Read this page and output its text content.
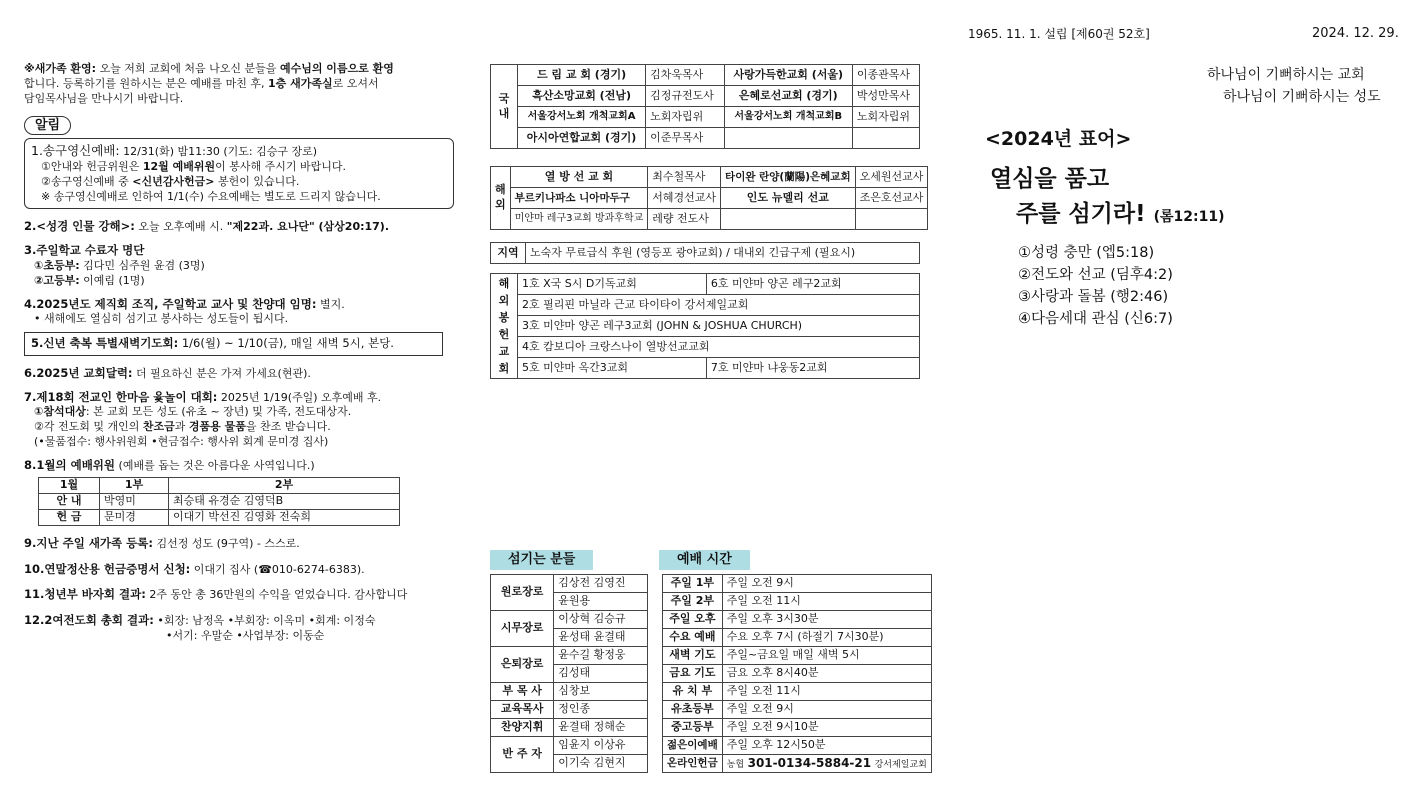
1965. 11. 1. 설립 [제60권 52호]	2024. 12. 29.
※새가족 환영: 오늘 저희 교회에 처음 나오신 분들을 예수님의 이름으로 환영
합니다. 등록하기를 원하시는 분은 예배를 마친 후, 1층 새가족실로 오셔서
담임목사님을 만나시기 바랍니다.
알림
1.송구영신예배: 12/31(화) 밤11:30 (기도: 김승구 장로)
①안내와 헌금위원은 12월 예배위원이 봉사해 주시기 바랍니다.
②송구영신예배 중 <신년감사헌금> 봉헌이 있습니다.
※ 송구영신예배로 인하여 1/1(수) 수요예배는 별도로 드리지 않습니다.
2.<성경 인물 강해>: 오늘 오후예배 시. "제22과. 요나단" (삼상20:17).
3.주일학교 수료자 명단
①초등부: 김다민 심주원 윤겸 (3명)
②고등부: 이예림 (1명)
4.2025년도 제직회 조직, 주일학교 교사 및 찬양대 임명: 별지.
• 새해에도 열심히 섬기고 봉사하는 성도들이 됩시다.
5.신년 축복 특별새벽기도회: 1/6(월) ~ 1/10(금), 매일 새벽 5시, 본당.
6.2025년 교회달력: 더 필요하신 분은 가져 가세요(현관).
7.제18회 전교인 한마음 윷놀이 대회: 2025년 1/19(주일) 오후예배 후.
①참석대상: 본 교회 모든 성도 (유초 ~ 장년) 및 가족, 전도대상자.
②각 전도회 및 개인의 찬조금과 경품용 물품을 찬조 받습니다.
(•물품접수: 행사위원회 •현금접수: 행사위 회계 문미경 집사)
8.1월의 예배위원 (예배를 돕는 것은 아름다운 사역입니다.)
1월	1부	2부
안 내	박영미	최승태 유경순 김영덕B
헌 금	문미경	이대기 박선진 김영화 전숙희
9.지난 주일 새가족 등록: 김선정 성도 (9구역) - 스스로.
10.연말정산용 헌금증명서 신청: 이대기 집사 (☎010-6274-6383).
11.청년부 바자회 결과: 2주 동안 총 36만원의 수익을 얻었습니다. 감사합니다
12.2여전도회 총회 결과: •회장: 남정옥 •부회장: 이옥미 •회계: 이정숙
•서기: 우말순 •사업부장: 이동순
국내	드 림 교 회 (경기)	김차욱목사	사랑가득한교회 (서울)	이종관목사
	흑산소망교회 (전남)	김정규전도사	은혜로선교회 (경기)	박성만목사
	서울강서노회 개척교회A	노회자립위	서울강서노회 개척교회B	노회자립위
	아시아연합교회 (경기)	이준무목사		
해외	열 방 선 교 회	최수철목사	타이완 란양(蘭陽)은혜교회	오세원선교사
	부르키나파소 니아마두구	서혜경선교사	인도 뉴델리 선교	조은호선교사
	미얀마 레구3교회 방과후학교	레량 전도사		
지역	노숙자 무료급식 후원 (영등포 광야교회) / 대내외 긴급구제 (필요시)
해외봉헌교회	1호 X국 S시 D기독교회	6호 미얀마 양곤 레구2교회
	2호 필리핀 마닐라 근교 타이타이 강서제일교회	
	3호 미얀마 양곤 레구3교회 (JOHN & JOSHUA CHURCH)	
	4호 캄보디아 크랑스나이 열방선교교회	
	5호 미얀마 옥간3교회	7호 미얀마 냐웅동2교회
섬기는 분들
원로장로	김상전 김영진
	윤원용
시무장로	이상혁 김승규
	윤성태 윤결태
은퇴장로	윤수길 황정웅
	김성태
부 목 사	심창보
교육목사	정인종
찬양지휘	윤결태 정해순
반 주 자	임윤지 이상유
	이기숙 김현지
예배 시간
주일 1부	주일 오전 9시
주일 2부	주일 오전 11시
주일 오후	주일 오후 3시30분
수요 예배	수요 오후 7시 (하절기 7시30분)
새벽 기도	주일~금요일 매일 새벽 5시
금요 기도	금요 오후 8시40분
유 치 부	주일 오전 11시
유초등부	주일 오전 9시
중고등부	주일 오전 9시10분
젊은이예배	주일 오후 12시50분
온라인헌금	농협 301-0134-5884-21 강서제일교회
하나님이 기뻐하시는 교회
하나님이 기뻐하시는 성도
<2024년 표어>
열심을 품고
주를 섬기라! (롬12:11)
①성령 충만 (엡5:18)
②전도와 선교 (딤후4:2)
③사랑과 돌봄 (행2:46)
④다음세대 관심 (신6:7)
